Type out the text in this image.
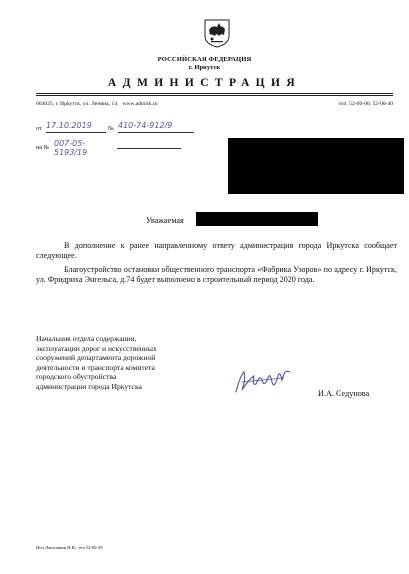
РОССИЙСКАЯ ФЕДЕРАЦИЯ
г. Иркутск
АДМИНИСТРАЦИЯ
664025, г. Иркутск, ул. Ленина, 14 www.admirk.ru	тел. 52-00-00, 52-00-40
от 17.10.2019	№ 410-74-912/9
на № 007-05-5193/19
Уважаемая
В дополнение к ранее направленному ответу администрация города Иркутска сообщает следующее.
Благоустройство остановки общественного транспорта «Фабрика Узоров» по адресу г. Иркутск, ул. Фридриха Энгельса, д.74 будет выполнено в строительный период 2020 года.
Начальник отдела содержания,
эксплуатации дорог и искусственных
сооружений департамента дорожной
деятельности и транспорта комитета
городского обустройства
администрации города Иркутска
И.А. Седунова
Исп.Лаптовкин Н.В., тел.52-00-39
